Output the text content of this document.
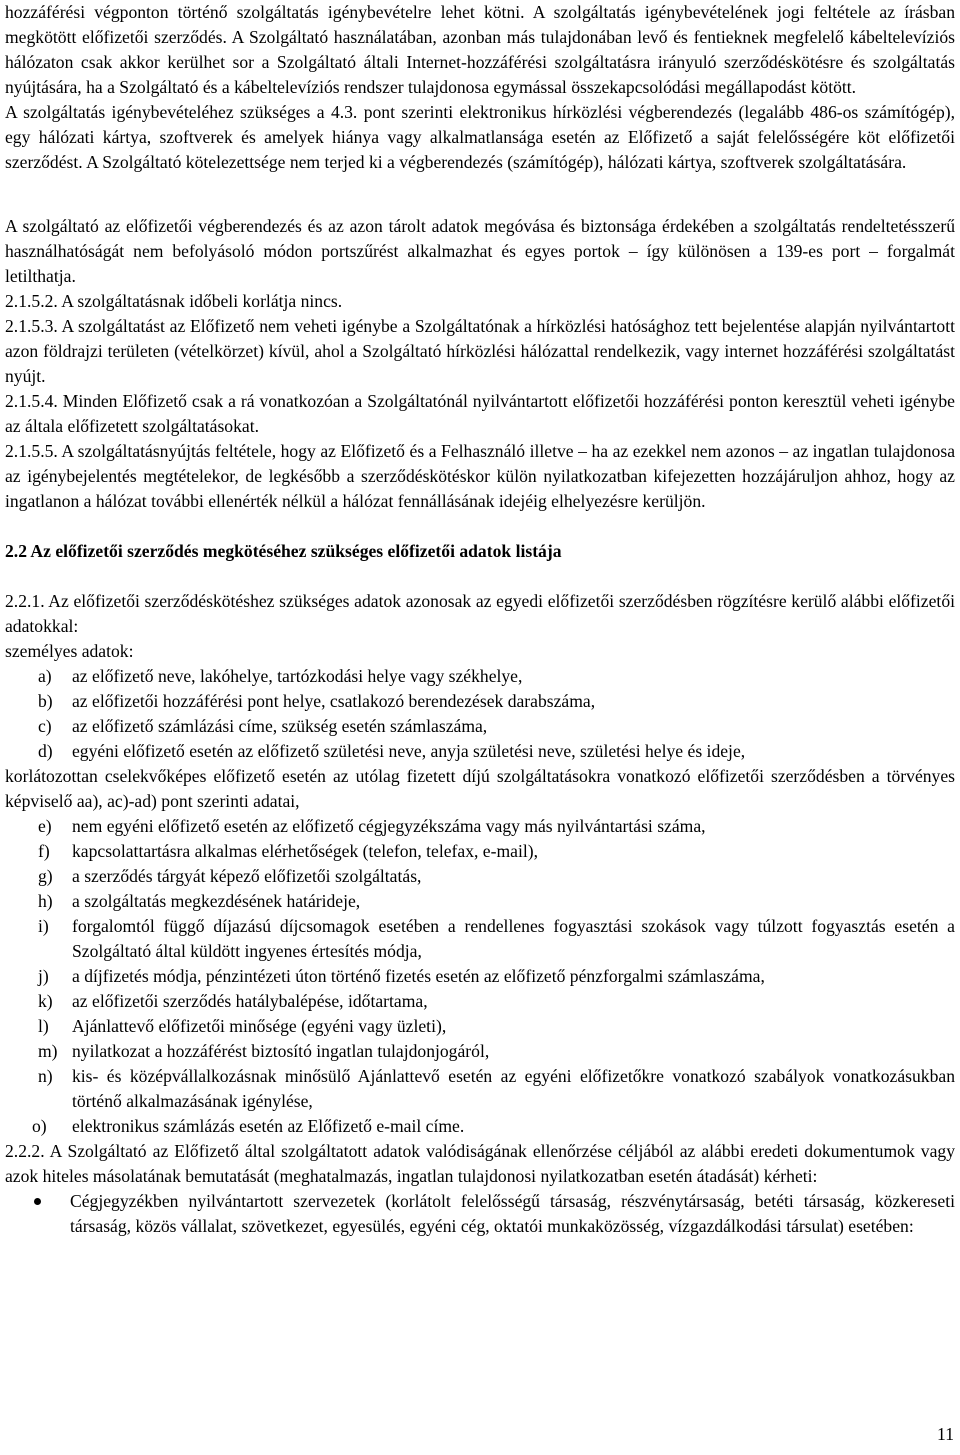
hozzáférési végponton történő szolgáltatás igénybevételre lehet kötni. A szolgáltatás igénybevételének jogi feltétele az írásban megkötött előfizetői szerződés. A Szolgáltató használatában, azonban más tulajdonában levő és fentieknek megfelelő kábeltelevíziós hálózaton csak akkor kerülhet sor a Szolgáltató általi Internet-hozzáférési szolgáltatásra irányuló szerződéskötésre és szolgáltatás nyújtására, ha a Szolgáltató és a kábeltelevíziós rendszer tulajdonosa egymással összekapcsolódási megállapodást kötött.

A szolgáltatás igénybevételéhez szükséges a 4.3. pont szerinti elektronikus hírközlési végberendezés (legalább 486-os számítógép), egy hálózati kártya, szoftverek és amelyek hiánya vagy alkalmatlansága esetén az Előfizető a saját felelősségére köt előfizetői szerződést. A Szolgáltató kötelezettsége nem terjed ki a végberendezés (számítógép), hálózati kártya, szoftverek szolgáltatására.

A szolgáltató az előfizetői végberendezés és az azon tárolt adatok megóvása és biztonsága érdekében a szolgáltatás rendeltetésszerű használhatóságát nem befolyásoló módon portszűrést alkalmazhat és egyes portok – így különösen a 139-es port – forgalmát letilthatja.

2.1.5.2. A szolgáltatásnak időbeli korlátja nincs.

2.1.5.3. A szolgáltatást az Előfizető nem veheti igénybe a Szolgáltatónak a hírközlési hatósághoz tett bejelentése alapján nyilvántartott azon földrajzi területen (vételkörzet) kívül, ahol a Szolgáltató hírközlési hálózattal rendelkezik, vagy internet hozzáférési szolgáltatást nyújt.

2.1.5.4. Minden Előfizető csak a rá vonatkozóan a Szolgáltatónál nyilvántartott előfizetői hozzáférési ponton keresztül veheti igénybe az általa előfizetett szolgáltatásokat.

2.1.5.5. A szolgáltatásnyújtás feltétele, hogy az Előfizető és a Felhasználó illetve – ha az ezekkel nem azonos – az ingatlan tulajdonosa az igénybejelentés megtételekor, de legkésőbb a szerződéskötéskor külön nyilatkozatban kifejezetten hozzájáruljon ahhoz, hogy az ingatlanon a hálózat további ellenérték nélkül a hálózat fennállásának idejéig elhelyezésre kerüljön.

2.2 Az előfizetői szerződés megkötéséhez szükséges előfizetői adatok listája

2.2.1. Az előfizetői szerződéskötéshez szükséges adatok azonosak az egyedi előfizetői szerződésben rögzítésre kerülő alábbi előfizetői adatokkal:

személyes adatok:

a)	az előfizető neve, lakóhelye, tartózkodási helye vagy székhelye,
b)	az előfizetői hozzáférési pont helye, csatlakozó berendezések darabszáma,
c)	az előfizető számlázási címe, szükség esetén számlaszáma,
d)	egyéni előfizető esetén az előfizető születési neve, anyja születési neve, születési helye és ideje,

korlátozottan cselekvőképes előfizető esetén az utólag fizetett díjú szolgáltatásokra vonatkozó előfizetői szerződésben a törvényes képviselő aa), ac)-ad) pont szerinti adatai,

e)	nem egyéni előfizető esetén az előfizető cégjegyzékszáma vagy más nyilvántartási száma,
f)	kapcsolattartásra alkalmas elérhetőségek (telefon, telefax, e-mail),
g)	a szerződés tárgyát képező előfizetői szolgáltatás,
h)	a szolgáltatás megkezdésének határideje,
i)	forgalomtól függő díjazású díjcsomagok esetében a rendellenes fogyasztási szokások vagy túlzott fogyasztás esetén a Szolgáltató által küldött ingyenes értesítés módja,
j)	a díjfizetés módja, pénzintézeti úton történő fizetés esetén az előfizető pénzforgalmi számlaszáma,
k)	az előfizetői szerződés hatálybalépése, időtartama,
l)	Ajánlattevő előfizetői minősége (egyéni vagy üzleti),
m) nyilatkozat a hozzáférést biztosító ingatlan tulajdonjogáról,
n)	kis- és középvállalkozásnak minősülő Ajánlattevő esetén az egyéni előfizetőkre vonatkozó szabályok vonatkozásukban történő alkalmazásának igénylése,
o)	elektronikus számlázás esetén az Előfizető e-mail címe.

2.2.2. A Szolgáltató az Előfizető által szolgáltatott adatok valódiságának ellenőrzése céljából az alábbi eredeti dokumentumok vagy azok hiteles másolatának bemutatását (meghatalmazás, ingatlan tulajdonosi nyilatkozatban esetén átadását) kérheti:

Cégjegyzékben nyilvántartott szervezetek (korlátolt felelősségű társaság, részvénytársaság, betéti társaság, közkereseti társaság, közös vállalat, szövetkezet, egyesülés, egyéni cég, oktatói munkaközösség, vízgazdálkodási társulat) esetében:
11
